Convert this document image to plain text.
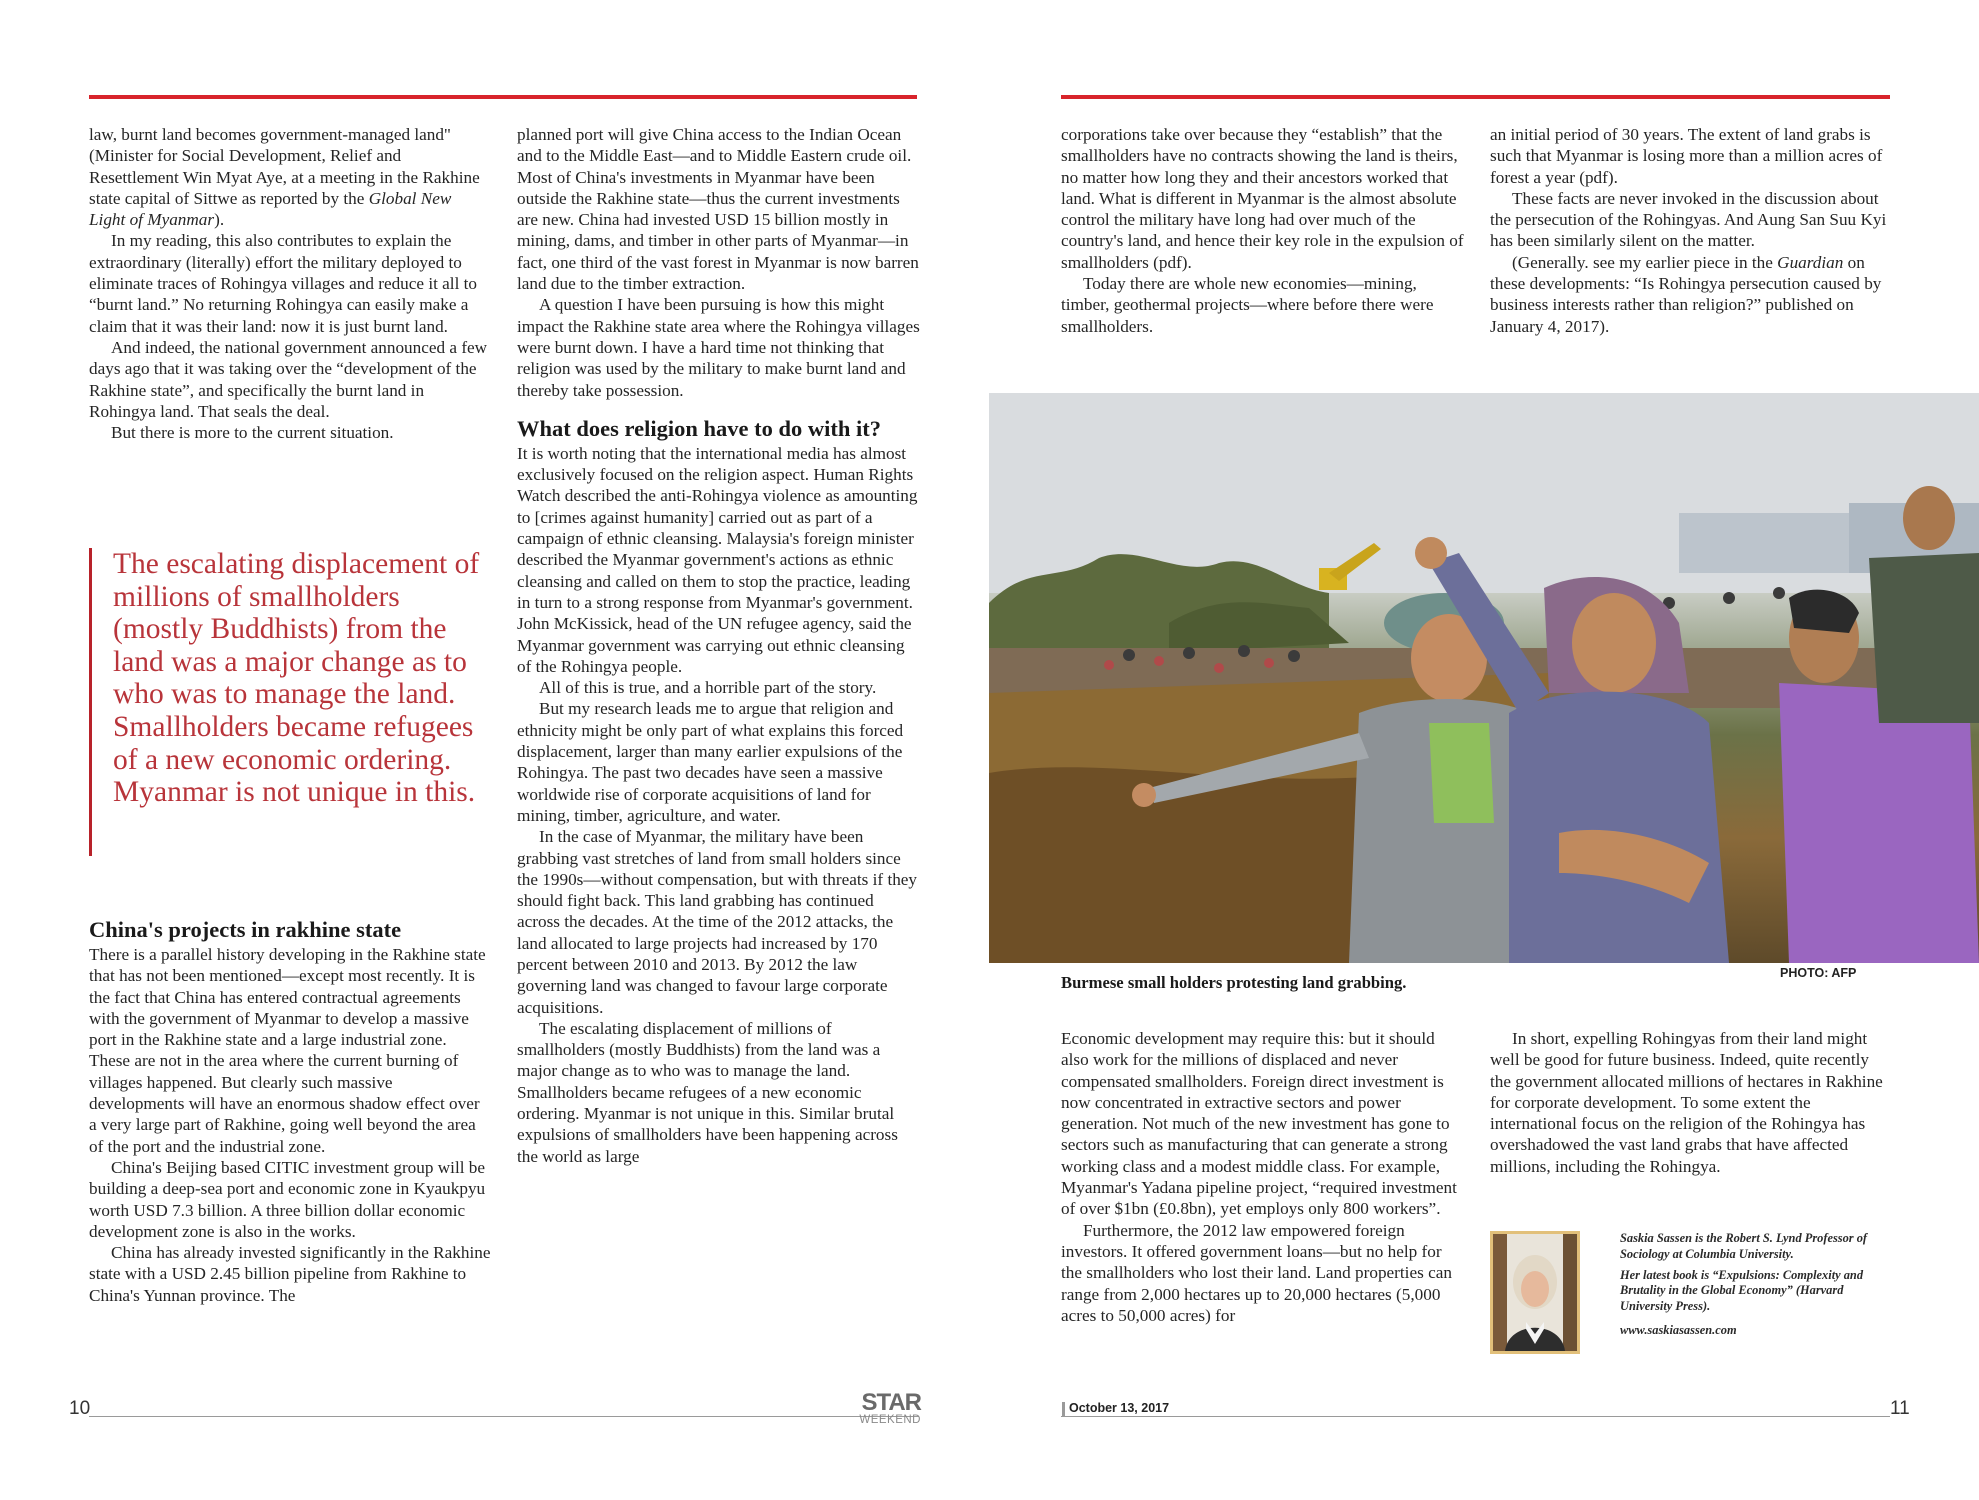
law, burnt land becomes government-managed land" (Minister for Social Development, Relief and Resettlement Win Myat Aye, at a meeting in the Rakhine state capital of Sittwe as reported by the Global New Light of Myanmar).

In my reading, this also contributes to explain the extraordinary (literally) effort the military deployed to eliminate traces of Rohingya villages and reduce it all to “burnt land.” No returning Rohingya can easily make a claim that it was their land: now it is just burnt land.

And indeed, the national government announced a few days ago that it was taking over the “development of the Rakhine state”, and specifically the burnt land in Rohingya land. That seals the deal.

But there is more to the current situation.

The escalating displacement of millions of smallholders (mostly Buddhists) from the land was a major change as to who was to manage the land. Smallholders became refugees of a new economic ordering. Myanmar is not unique in this.
China's projects in rakhine state

There is a parallel history developing in the Rakhine state that has not been mentioned—except most recently. It is the fact that China has entered contractual agreements with the government of Myanmar to develop a massive port in the Rakhine state and a large industrial zone. These are not in the area where the current burning of villages happened. But clearly such massive developments will have an enormous shadow effect over a very large part of Rakhine, going well beyond the area of the port and the industrial zone.

China's Beijing based CITIC investment group will be building a deep-sea port and economic zone in Kyaukpyu worth USD 7.3 billion. A three billion dollar economic development zone is also in the works.

China has already invested significantly in the Rakhine state with a USD 2.45 billion pipeline from Rakhine to China's Yunnan province. The

planned port will give China access to the Indian Ocean and to the Middle East—and to Middle Eastern crude oil. Most of China's investments in Myanmar have been outside the Rakhine state—thus the current investments are new. China had invested USD 15 billion mostly in mining, dams, and timber in other parts of Myanmar—in fact, one third of the vast forest in Myanmar is now barren land due to the timber extraction.

A question I have been pursuing is how this might impact the Rakhine state area where the Rohingya villages were burnt down. I have a hard time not thinking that religion was used by the military to make burnt land and thereby take possession.

What does religion have to do with it?

It is worth noting that the international media has almost exclusively focused on the religion aspect. Human Rights Watch described the anti-Rohingya violence as amounting to [crimes against humanity] carried out as part of a campaign of ethnic cleansing. Malaysia's foreign minister described the Myanmar government's actions as ethnic cleansing and called on them to stop the practice, leading in turn to a strong response from Myanmar's government. John McKissick, head of the UN refugee agency, said the Myanmar government was carrying out ethnic cleansing of the Rohingya people.

All of this is true, and a horrible part of the story.

But my research leads me to argue that religion and ethnicity might be only part of what explains this forced displacement, larger than many earlier expulsions of the Rohingya. The past two decades have seen a massive worldwide rise of corporate acquisitions of land for mining, timber, agriculture, and water.

In the case of Myanmar, the military have been grabbing vast stretches of land from small holders since the 1990s—without compensation, but with threats if they should fight back. This land grabbing has continued across the decades. At the time of the 2012 attacks, the land allocated to large projects had increased by 170 percent between 2010 and 2013. By 2012 the law governing land was changed to favour large corporate acquisitions.

The escalating displacement of millions of smallholders (mostly Buddhists) from the land was a major change as to who was to manage the land. Smallholders became refugees of a new economic ordering. Myanmar is not unique in this. Similar brutal expulsions of smallholders have been happening across the world as large

corporations take over because they “establish” that the smallholders have no contracts showing the land is theirs, no matter how long they and their ancestors worked that land. What is different in Myanmar is the almost absolute control the military have long had over much of the country's land, and hence their key role in the expulsion of smallholders (pdf).

Today there are whole new economies—mining, timber, geothermal projects—where before there were smallholders.

an initial period of 30 years. The extent of land grabs is such that Myanmar is losing more than a million acres of forest a year (pdf).

These facts are never invoked in the discussion about the persecution of the Rohingyas. And Aung San Suu Kyi has been similarly silent on the matter.

(Generally. see my earlier piece in the Guardian on these developments: “Is Rohingya persecution caused by business interests rather than religion?” published on January 4, 2017).

Burmese small holders protesting land grabbing.	PHOTO: AFP

Economic development may require this: but it should also work for the millions of displaced and never compensated smallholders. Foreign direct investment is now concentrated in extractive sectors and power generation. Not much of the new investment has gone to sectors such as manufacturing that can generate a strong working class and a modest middle class. For example, Myanmar's Yadana pipeline project, “required investment of over $1bn (£0.8bn), yet employs only 800 workers”.

Furthermore, the 2012 law empowered foreign investors. It offered government loans—but no help for the smallholders who lost their land. Land properties can range from 2,000 hectares up to 20,000 hectares (5,000 acres to 50,000 acres) for

In short, expelling Rohingyas from their land might well be good for future business. Indeed, quite recently the government allocated millions of hectares in Rakhine for corporate development. To some extent the international focus on the religion of the Rohingya has overshadowed the vast land grabs that have affected millions, including the Rohingya.

Saskia Sassen is the Robert S. Lynd Professor of Sociology at Columbia University.

Her latest book is “Expulsions: Complexity and Brutality in the Global Economy” (Harvard University Press).

www.saskiasassen.com

10	11
STAR
WEEKEND
October 13, 2017
